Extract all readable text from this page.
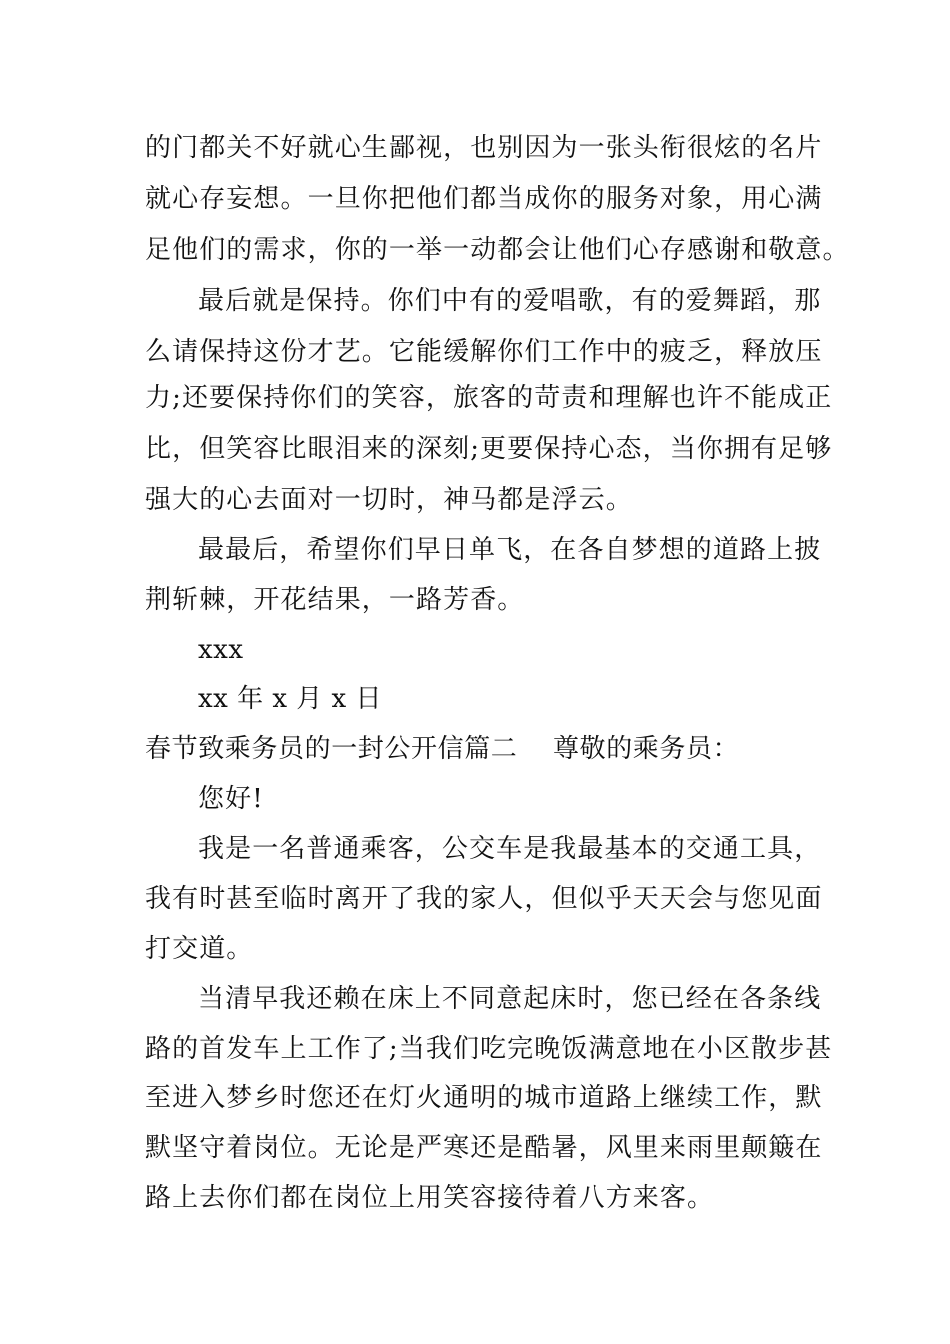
的门都关不好就心生鄙视，也别因为一张头衔很炫的名片
就心存妄想。一旦你把他们都当成你的服务对象，用心满
足他们的需求，你的一举一动都会让他们心存感谢和敬意。
最后就是保持。你们中有的爱唱歌，有的爱舞蹈，那
么请保持这份才艺。它能缓解你们工作中的疲乏，释放压
力;还要保持你们的笑容，旅客的苛责和理解也许不能成正
比，但笑容比眼泪来的深刻;更要保持心态，当你拥有足够
强大的心去面对一切时，神马都是浮云。
最最后，希望你们早日单飞，在各自梦想的道路上披
荆斩棘，开花结果，一路芳香。
xxx
xx 年 x 月 x 日
春节致乘务员的一封公开信篇二 尊敬的乘务员：
您好!
我是一名普通乘客，公交车是我最基本的交通工具，
我有时甚至临时离开了我的家人，但似乎天天会与您见面
打交道。
当清早我还赖在床上不同意起床时，您已经在各条线
路的首发车上工作了;当我们吃完晚饭满意地在小区散步甚
至进入梦乡时您还在灯火通明的城市道路上继续工作，默
默坚守着岗位。无论是严寒还是酷暑，风里来雨里颠簸在
路上去你们都在岗位上用笑容接待着八方来客。
